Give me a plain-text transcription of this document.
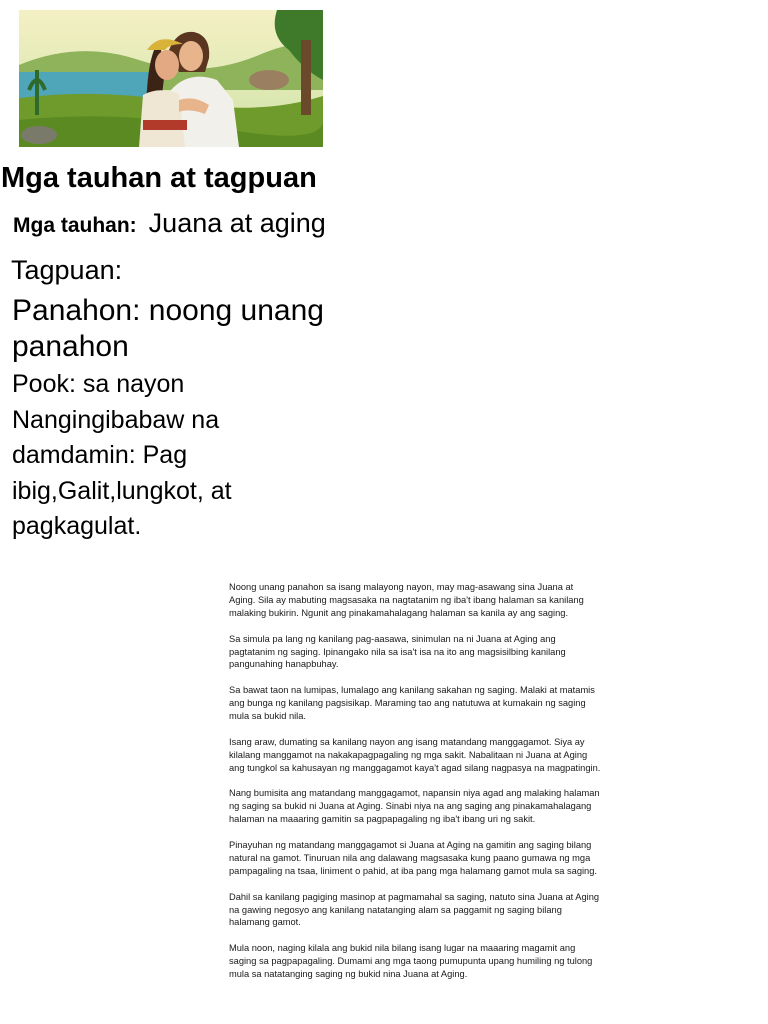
Mga tauhan at tagpuan
Mga tauhan: Juana at aging
Tagpuan:
Panahon: noong unang panahon
Pook: sa nayon Nangingibabaw na damdamin: Pag ibig,Galit,lungkot, at pagkagulat.

Noong unang panahon sa isang malayong nayon, may mag-asawang sina Juana at Aging. Sila ay mabuting magsasaka na nagtatanim ng iba't ibang halaman sa kanilang malaking bukirin. Ngunit ang pinakamahalagang halaman sa kanila ay ang saging.

Sa simula pa lang ng kanilang pag-aasawa, sinimulan na ni Juana at Aging ang pagtatanim ng saging. Ipinangako nila sa isa't isa na ito ang magsisilbing kanilang pangunahing hanapbuhay.

Sa bawat taon na lumipas, lumalago ang kanilang sakahan ng saging. Malaki at matamis ang bunga ng kanilang pagsisikap. Maraming tao ang natutuwa at kumakain ng saging mula sa bukid nila.

Isang araw, dumating sa kanilang nayon ang isang matandang manggagamot. Siya ay kilalang manggamot na nakakapagpagaling ng mga sakit. Nabalitaan ni Juana at Aging ang tungkol sa kahusayan ng manggagamot kaya't agad silang nagpasya na magpatingin.

Nang bumisita ang matandang manggagamot, napansin niya agad ang malaking halaman ng saging sa bukid ni Juana at Aging. Sinabi niya na ang saging ang pinakamahalagang halaman na maaaring gamitin sa pagpapagaling ng iba't ibang uri ng sakit.

Pinayuhan ng matandang manggagamot si Juana at Aging na gamitin ang saging bilang natural na gamot. Tinuruan nila ang dalawang magsasaka kung paano gumawa ng mga pampagaling na tsaa, liniment o pahid, at iba pang mga halamang gamot mula sa saging.

Dahil sa kanilang pagiging masinop at pagmamahal sa saging, natuto sina Juana at Aging na gawing negosyo ang kanilang natatanging alam sa paggamit ng saging bilang halamang gamot.

Mula noon, naging kilala ang bukid nila bilang isang lugar na maaaring magamit ang saging sa pagpapagaling. Dumami ang mga taong pumupunta upang humiling ng tulong mula sa natatanging saging ng bukid nina Juana at Aging.
